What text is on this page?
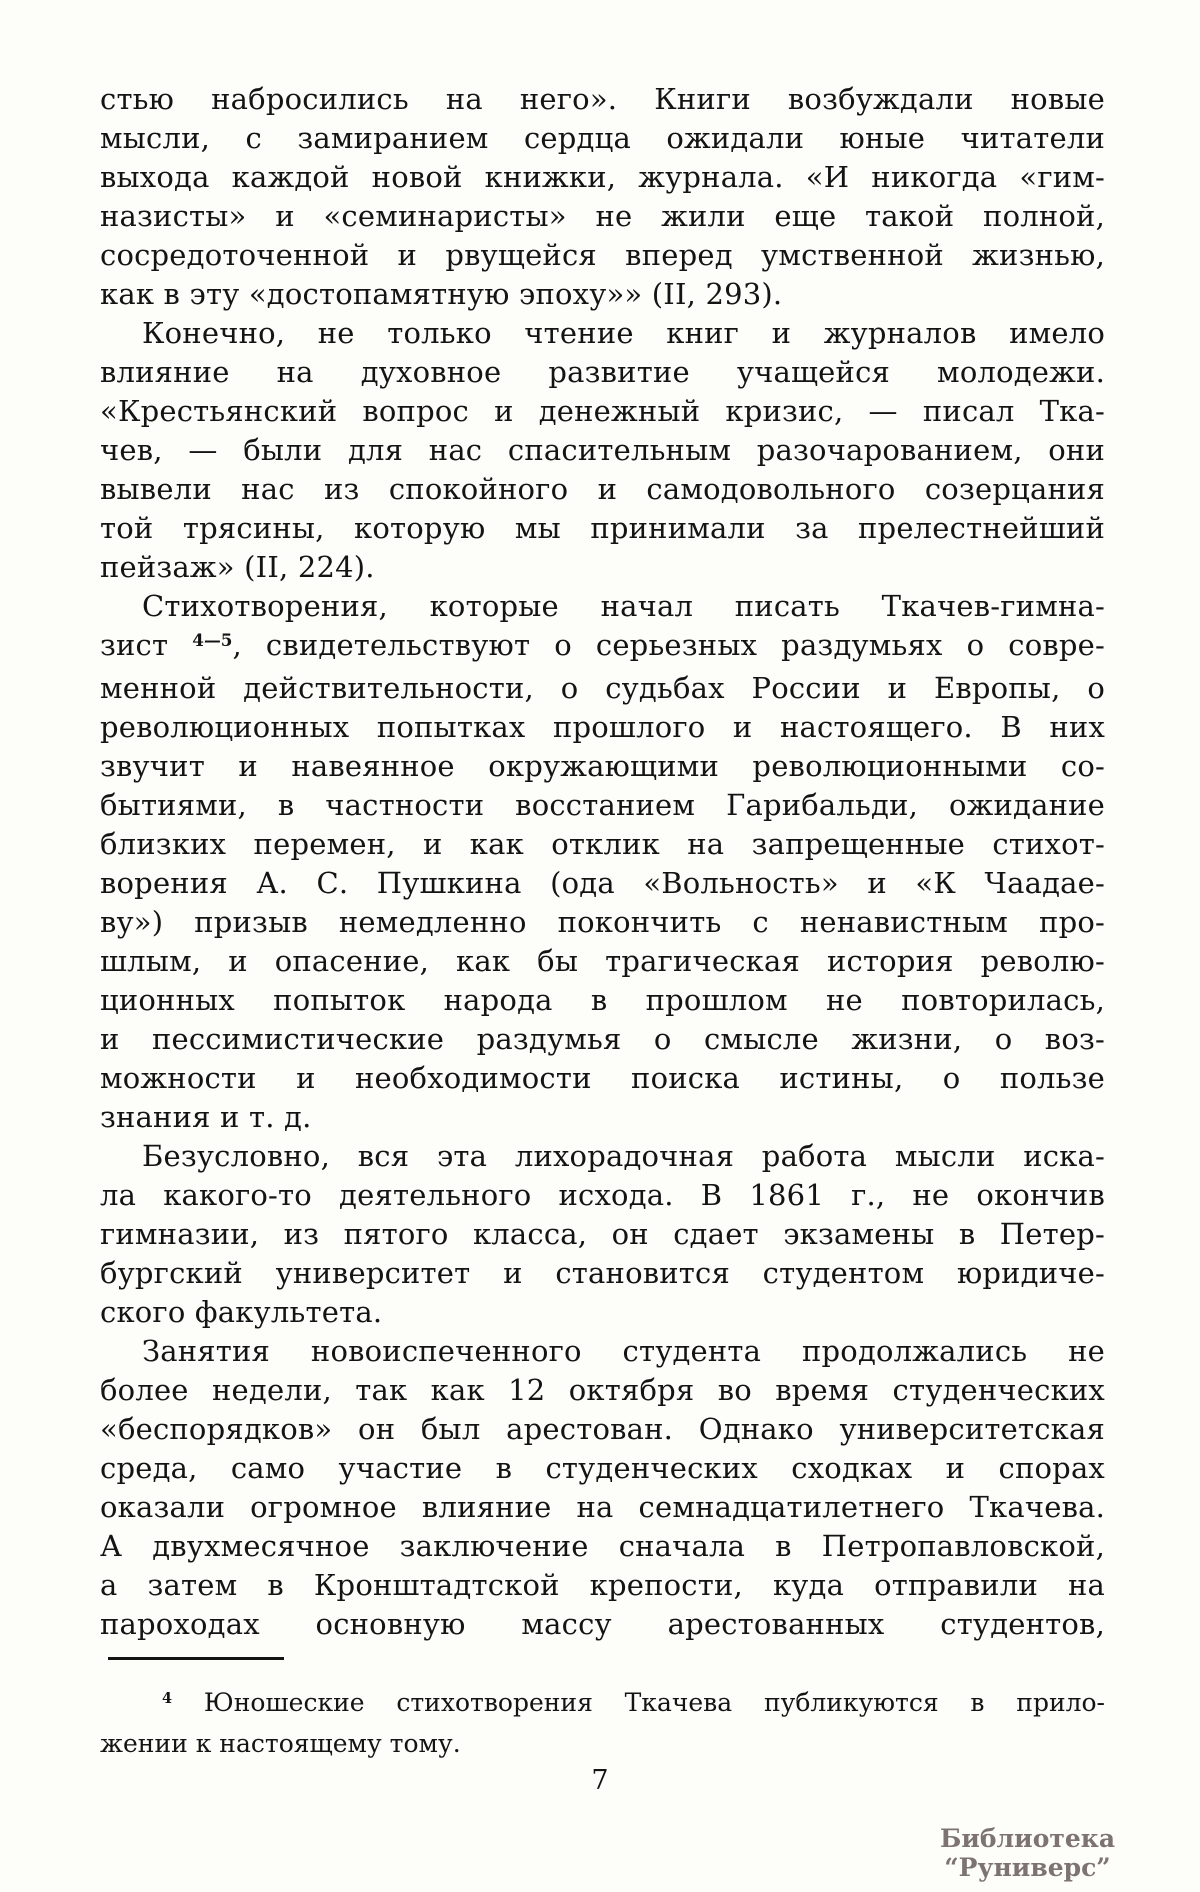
стью набросились на него». Книги возбуждали новые
мысли, с замиранием сердца ожидали юные читатели
выхода каждой новой книжки, журнала. «И никогда «гим-
назисты» и «семинаристы» не жили еще такой полной,
сосредоточенной и рвущейся вперед умственной жизнью,
как в эту «достопамятную эпоху»» (II, 293).
Конечно, не только чтение книг и журналов имело
влияние на духовное развитие учащейся молодежи.
«Крестьянский вопрос и денежный кризис, — писал Тка-
чев, — были для нас спасительным разочарованием, они
вывели нас из спокойного и самодовольного созерцания
той трясины, которую мы принимали за прелестнейший
пейзаж» (II, 224).
Стихотворения, которые начал писать Ткачев-гимна-
зист $^{4—5}$, свидетельствуют о серьезных раздумьях о совре-
менной действительности, о судьбах России и Европы, о
революционных попытках прошлого и настоящего. В них
звучит и навеянное окружающими революционными со-
бытиями, в частности восстанием Гарибальди, ожидание
близких перемен, и как отклик на запрещенные стихот-
ворения А. С. Пушкина (ода «Вольность» и «К Чаадае-
ву») призыв немедленно покончить с ненавистным про-
шлым, и опасение, как бы трагическая история револю-
ционных попыток народа в прошлом не повторилась,
и пессимистические раздумья о смысле жизни, о воз-
можности и необходимости поиска истины, о пользе
знания и т. д.
Безусловно, вся эта лихорадочная работа мысли иска-
ла какого-то деятельного исхода. В 1861 г., не окончив
гимназии, из пятого класса, он сдает экзамены в Петер-
бургский университет и становится студентом юридиче-
ского факультета.
Занятия новоиспеченного студента продолжались не
более недели, так как 12 октября во время студенческих
«беспорядков» он был арестован. Однако университетская
среда, само участие в студенческих сходках и спорах
оказали огромное влияние на семнадцатилетнего Ткачева.
А двухмесячное заключение сначала в Петропавловской,
а затем в Кронштадтской крепости, куда отправили на
пароходах основную массу арестованных студентов,
$^4$ Юношеские стихотворения Ткачева публикуются в прило-
жении к настоящему тому.
7
Библиотека “Руниверс”
